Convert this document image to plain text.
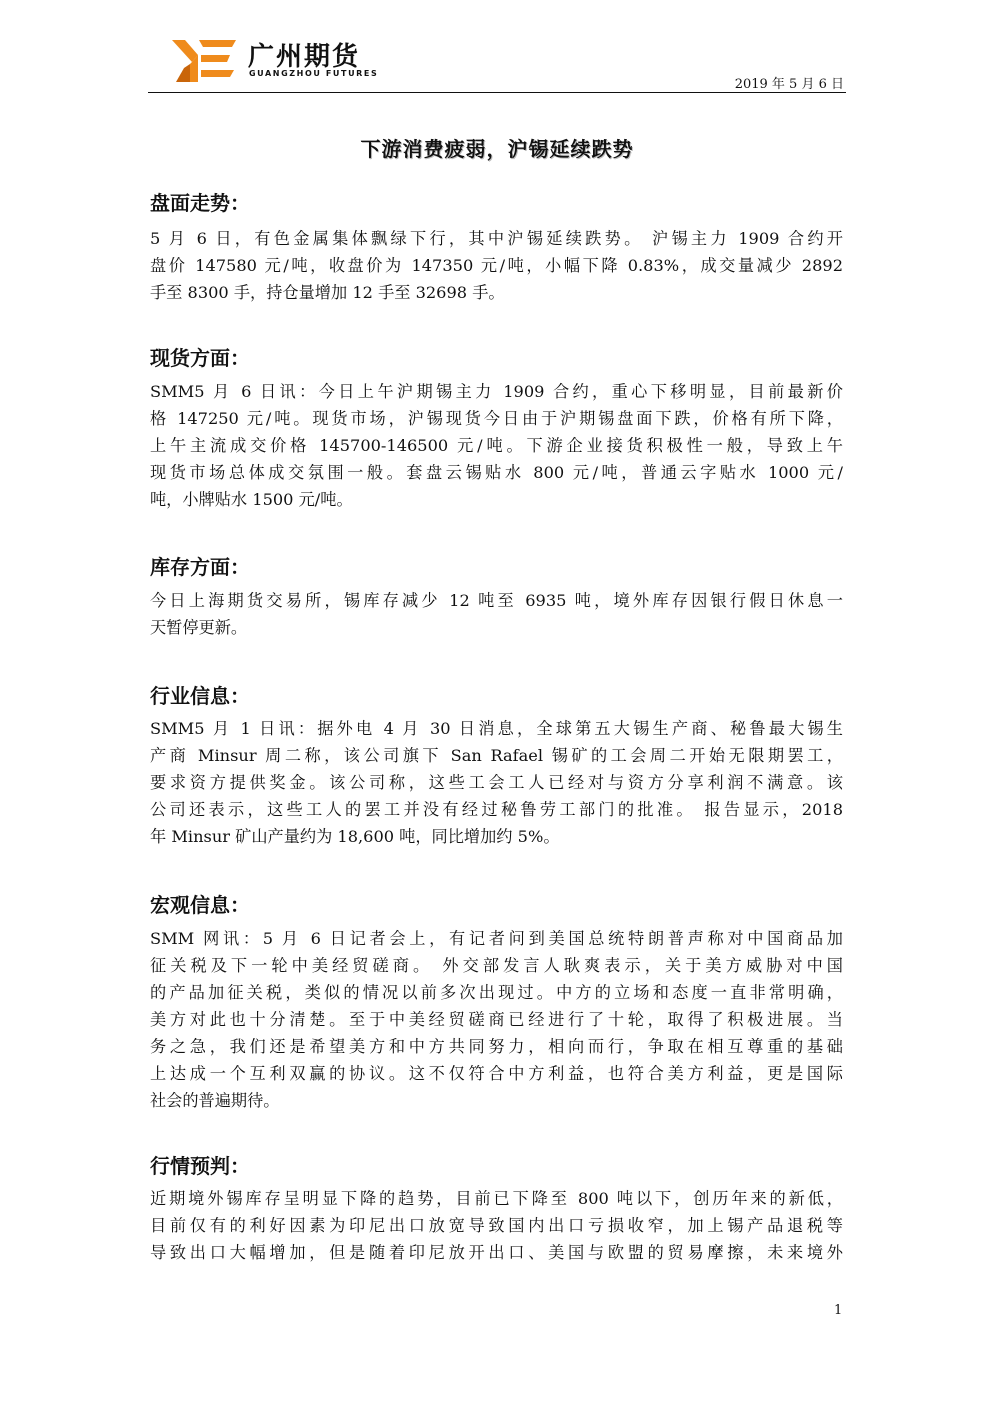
广州期货
GUANGZHOU FUTURES
2019 年 5 月 6 日
下游消费疲弱，沪锡延续跌势
盘面走势：
5 月 6 日，有色金属集体飘绿下行，其中沪锡延续跌势。 沪锡主力 1909 合约开
盘价 147580 元/吨，收盘价为 147350 元/吨，小幅下降 0.83%，成交量减少 2892
手至 8300 手，持仓量增加 12 手至 32698 手。
现货方面：
SMM5 月 6 日讯：今日上午沪期锡主力 1909 合约，重心下移明显，目前最新价
格 147250 元/吨。现货市场，沪锡现货今日由于沪期锡盘面下跌，价格有所下降，
上午主流成交价格 145700-146500 元/吨。下游企业接货积极性一般，导致上午
现货市场总体成交氛围一般。套盘云锡贴水 800 元/吨，普通云字贴水 1000 元/
吨，小牌贴水 1500 元/吨。
库存方面：
今日上海期货交易所，锡库存减少 12 吨至 6935 吨，境外库存因银行假日休息一
天暂停更新。
行业信息：
SMM5 月 1 日讯：据外电 4 月 30 日消息，全球第五大锡生产商、秘鲁最大锡生
产商 Minsur 周二称，该公司旗下 San Rafael 锡矿的工会周二开始无限期罢工，
要求资方提供奖金。该公司称，这些工会工人已经对与资方分享利润不满意。该
公司还表示，这些工人的罢工并没有经过秘鲁劳工部门的批准。 报告显示，2018
年 Minsur 矿山产量约为 18,600 吨，同比增加约 5%。
宏观信息：
SMM 网讯：5 月 6 日记者会上，有记者问到美国总统特朗普声称对中国商品加
征关税及下一轮中美经贸磋商。 外交部发言人耿爽表示，关于美方威胁对中国
的产品加征关税，类似的情况以前多次出现过。中方的立场和态度一直非常明确，
美方对此也十分清楚。至于中美经贸磋商已经进行了十轮，取得了积极进展。当
务之急，我们还是希望美方和中方共同努力，相向而行，争取在相互尊重的基础
上达成一个互利双赢的协议。这不仅符合中方利益，也符合美方利益，更是国际
社会的普遍期待。
行情预判：
近期境外锡库存呈明显下降的趋势，目前已下降至 800 吨以下，创历年来的新低，
目前仅有的利好因素为印尼出口放宽导致国内出口亏损收窄，加上锡产品退税等
导致出口大幅增加，但是随着印尼放开出口、美国与欧盟的贸易摩擦，未来境外
1
